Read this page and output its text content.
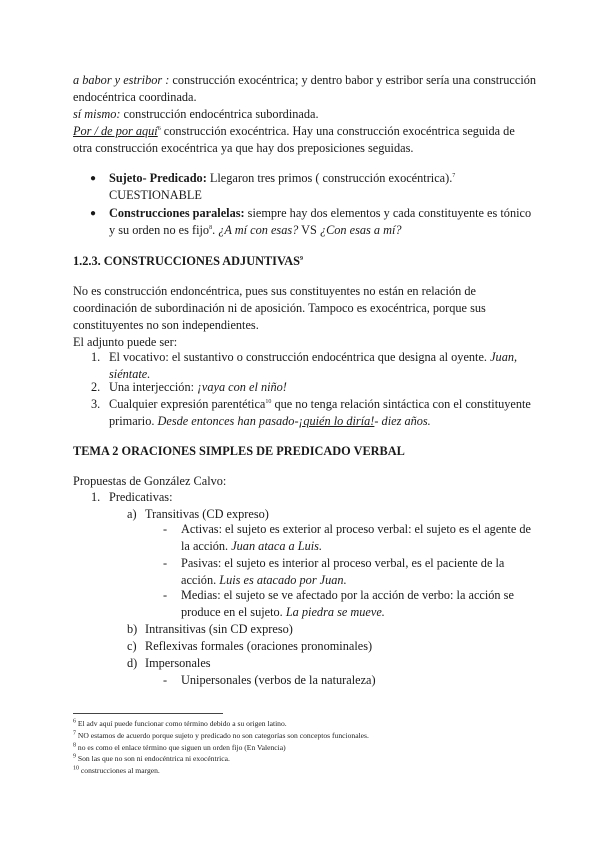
a babor y estribor : construcción exocéntrica; y dentro babor y estribor sería una construcción
endocéntrica coordinada.
sí mismo: construcción endocéntrica subordinada.
Por / de por aquí$^6$ construcción exocéntrica. Hay una construcción exocéntrica seguida de
otra construcción exocéntrica ya que hay dos preposiciones seguidas.
● Sujeto- Predicado: Llegaron tres primos ( construcción exocéntrica).$^7$
CUESTIONABLE
● Construcciones paralelas: siempre hay dos elementos y cada constituyente es tónico
y su orden no es fijo$^8$. ¿A mí con esas? VS ¿Con esas a mí?
1.2.3. CONSTRUCCIONES ADJUNTIVAS$^9$
No es construcción endoncéntrica, pues sus constituyentes no están en relación de
coordinación de subordinación ni de aposición. Tampoco es exocéntrica, porque sus
constituyentes no son independientes.
El adjunto puede ser:
1. El vocativo: el sustantivo o construcción endocéntrica que designa al oyente. Juan,
siéntate.
2. Una interjección: ¡vaya con el niño!
3. Cualquier expresión parentética$^{10}$ que no tenga relación sintáctica con el constituyente
primario. Desde entonces han pasado-¡quién lo diría!- diez años.
TEMA 2 ORACIONES SIMPLES DE PREDICADO VERBAL
Propuestas de González Calvo:
1. Predicativas:
a) Transitivas (CD expreso)
- Activas: el sujeto es exterior al proceso verbal: el sujeto es el agente de
la acción. Juan ataca a Luis.
- Pasivas: el sujeto es interior al proceso verbal, es el paciente de la
acción. Luis es atacado por Juan.
- Medias: el sujeto se ve afectado por la acción de verbo: la acción se
produce en el sujeto. La piedra se mueve.
b) Intransitivas (sin CD expreso)
c) Reflexivas formales (oraciones pronominales)
d) Impersonales
- Unipersonales (verbos de la naturaleza)
$^6$ El adv aquí puede funcionar como término debido a su origen latino.
$^7$ NO estamos de acuerdo porque sujeto y predicado no son categorías son conceptos funcionales.
$^8$ no es como el enlace término que siguen un orden fijo (En Valencia)
$^9$ Son las que no son ni endocéntrica ni exocéntrica.
$^{10}$ construcciones al margen.
